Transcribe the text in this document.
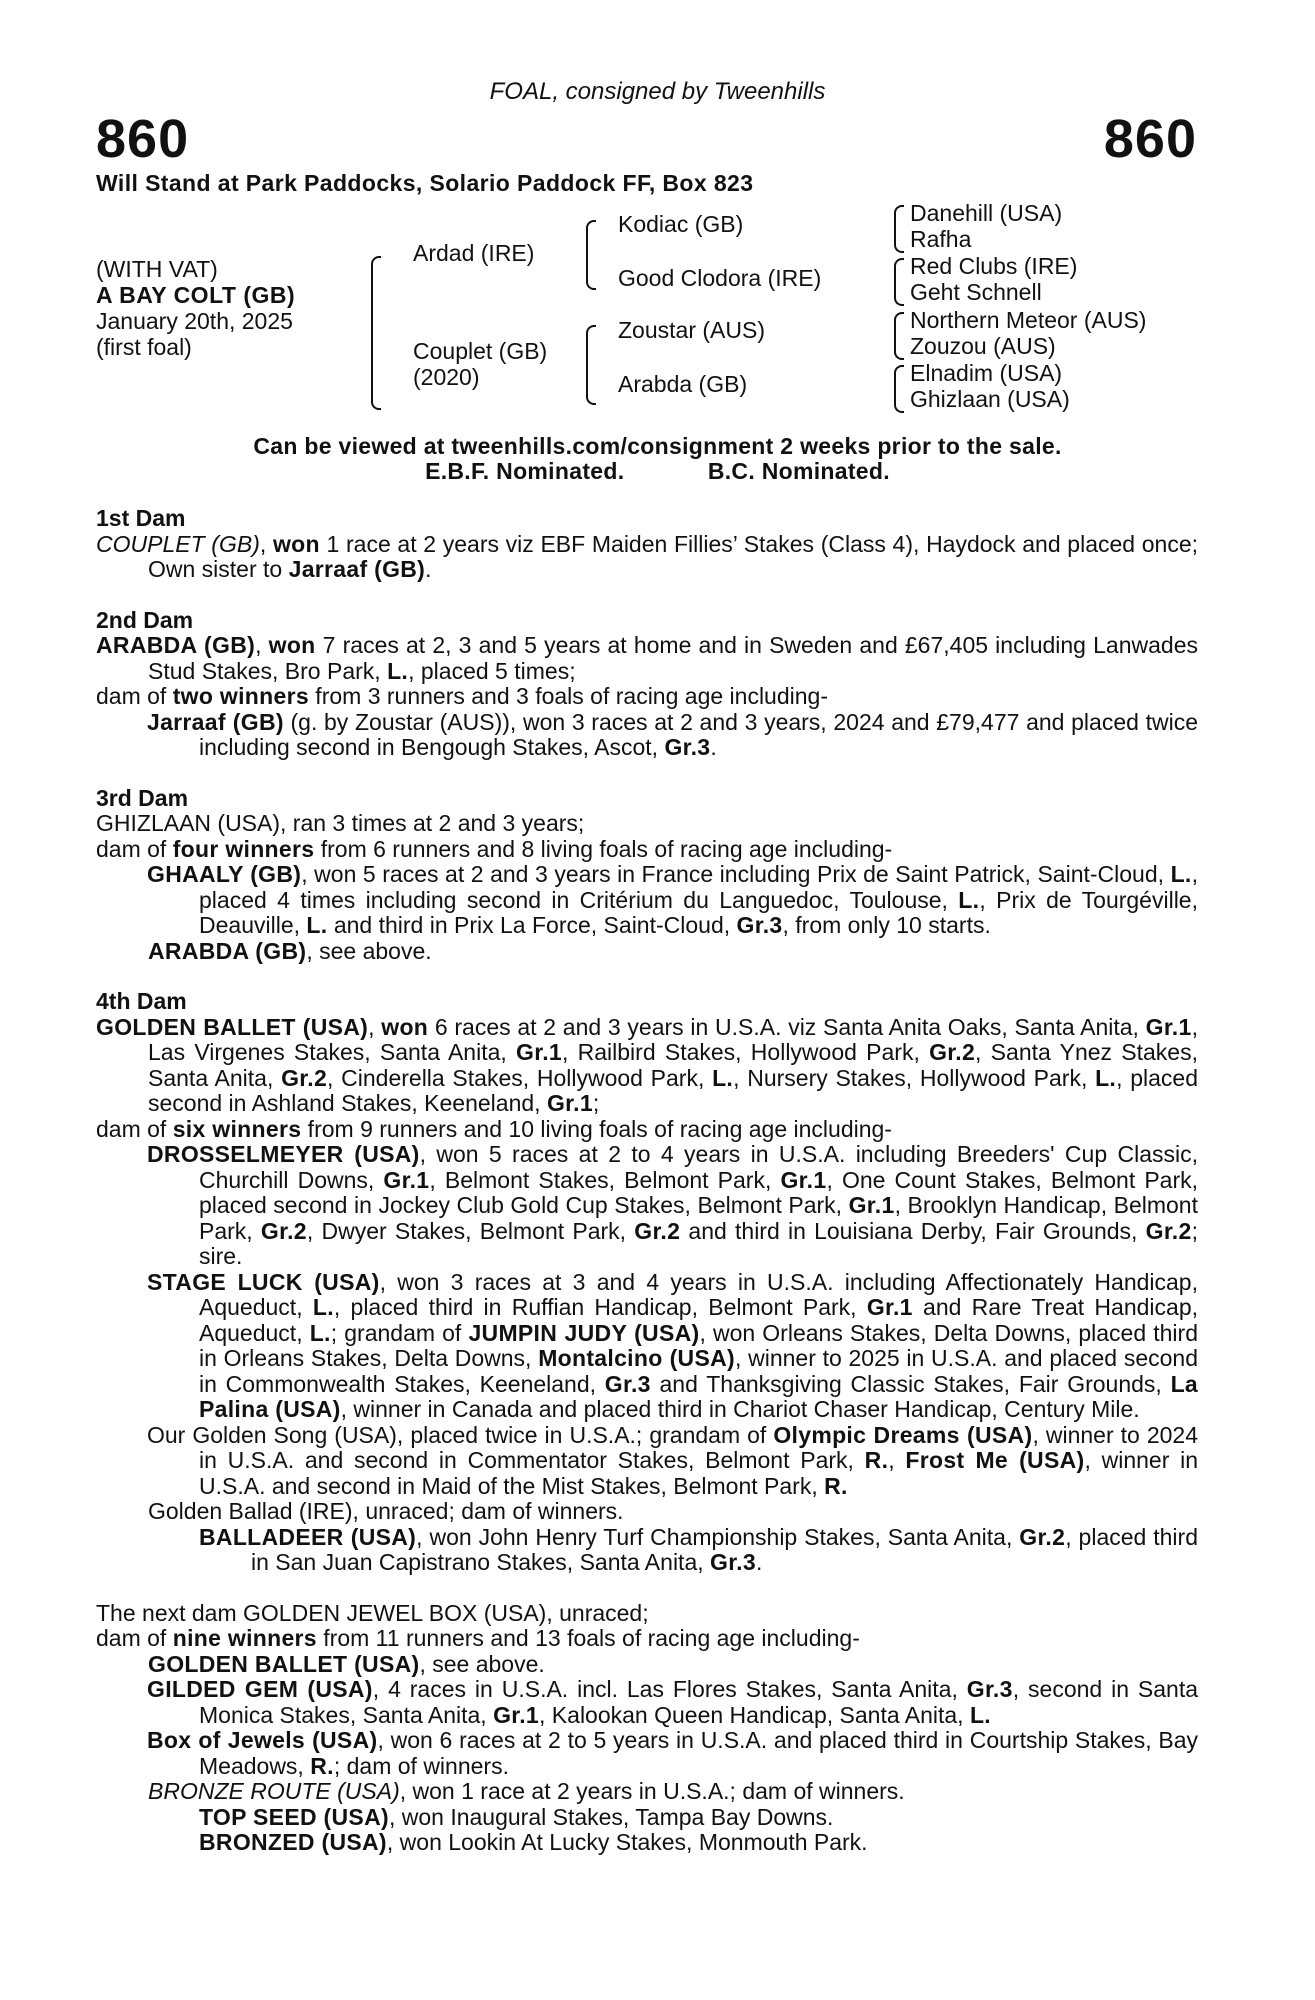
FOAL, consigned by Tweenhills
860	860
Will Stand at Park Paddocks, Solario Paddock FF, Box 823
(WITH VAT)
A BAY COLT (GB)
January 20th, 2025
(first foal)
Ardad (IRE)
Couplet (GB)
(2020)
Kodiac (GB)
Good Clodora (IRE)
Zoustar (AUS)
Arabda (GB)
Danehill (USA)
Rafha
Red Clubs (IRE)
Geht Schnell
Northern Meteor (AUS)
Zouzou (AUS)
Elnadim (USA)
Ghizlaan (USA)
Can be viewed at tweenhills.com/consignment 2 weeks prior to the sale.
E.B.F. Nominated.	B.C. Nominated.

1st Dam

COUPLET (GB), won 1 race at 2 years viz EBF Maiden Fillies’ Stakes (Class 4), Haydock and placed once; Own sister to Jarraaf (GB).

2nd Dam

ARABDA (GB), won 7 races at 2, 3 and 5 years at home and in Sweden and £67,405 including Lanwades Stud Stakes, Bro Park, L., placed 5 times;

dam of two winners from 3 runners and 3 foals of racing age including-

Jarraaf (GB) (g. by Zoustar (AUS)), won 3 races at 2 and 3 years, 2024 and £79,477 and placed twice including second in Bengough Stakes, Ascot, Gr.3.

3rd Dam

GHIZLAAN (USA), ran 3 times at 2 and 3 years;

dam of four winners from 6 runners and 8 living foals of racing age including-

GHAALY (GB), won 5 races at 2 and 3 years in France including Prix de Saint Patrick, Saint-Cloud, L., placed 4 times including second in Critérium du Languedoc, Toulouse, L., Prix de Tourgéville, Deauville, L. and third in Prix La Force, Saint-Cloud, Gr.3, from only 10 starts.

ARABDA (GB), see above.

4th Dam

GOLDEN BALLET (USA), won 6 races at 2 and 3 years in U.S.A. viz Santa Anita Oaks, Santa Anita, Gr.1, Las Virgenes Stakes, Santa Anita, Gr.1, Railbird Stakes, Hollywood Park, Gr.2, Santa Ynez Stakes, Santa Anita, Gr.2, Cinderella Stakes, Hollywood Park, L., Nursery Stakes, Hollywood Park, L., placed second in Ashland Stakes, Keeneland, Gr.1;

dam of six winners from 9 runners and 10 living foals of racing age including-

DROSSELMEYER (USA), won 5 races at 2 to 4 years in U.S.A. including Breeders' Cup Classic, Churchill Downs, Gr.1, Belmont Stakes, Belmont Park, Gr.1, One Count Stakes, Belmont Park, placed second in Jockey Club Gold Cup Stakes, Belmont Park, Gr.1, Brooklyn Handicap, Belmont Park, Gr.2, Dwyer Stakes, Belmont Park, Gr.2 and third in Louisiana Derby, Fair Grounds, Gr.2; sire.

STAGE LUCK (USA), won 3 races at 3 and 4 years in U.S.A. including Affectionately Handicap, Aqueduct, L., placed third in Ruffian Handicap, Belmont Park, Gr.1 and Rare Treat Handicap, Aqueduct, L.; grandam of JUMPIN JUDY (USA), won Orleans Stakes, Delta Downs, placed third in Orleans Stakes, Delta Downs, Montalcino (USA), winner to 2025 in U.S.A. and placed second in Commonwealth Stakes, Keeneland, Gr.3 and Thanksgiving Classic Stakes, Fair Grounds, La Palina (USA), winner in Canada and placed third in Chariot Chaser Handicap, Century Mile.

Our Golden Song (USA), placed twice in U.S.A.; grandam of Olympic Dreams (USA), winner to 2024 in U.S.A. and second in Commentator Stakes, Belmont Park, R., Frost Me (USA), winner in U.S.A. and second in Maid of the Mist Stakes, Belmont Park, R.

Golden Ballad (IRE), unraced; dam of winners.

BALLADEER (USA), won John Henry Turf Championship Stakes, Santa Anita, Gr.2, placed third in San Juan Capistrano Stakes, Santa Anita, Gr.3.

The next dam GOLDEN JEWEL BOX (USA), unraced;

dam of nine winners from 11 runners and 13 foals of racing age including-

GOLDEN BALLET (USA), see above.

GILDED GEM (USA), 4 races in U.S.A. incl. Las Flores Stakes, Santa Anita, Gr.3, second in Santa Monica Stakes, Santa Anita, Gr.1, Kalookan Queen Handicap, Santa Anita, L.

Box of Jewels (USA), won 6 races at 2 to 5 years in U.S.A. and placed third in Courtship Stakes, Bay Meadows, R.; dam of winners.

BRONZE ROUTE (USA), won 1 race at 2 years in U.S.A.; dam of winners.

TOP SEED (USA), won Inaugural Stakes, Tampa Bay Downs.

BRONZED (USA), won Lookin At Lucky Stakes, Monmouth Park.
